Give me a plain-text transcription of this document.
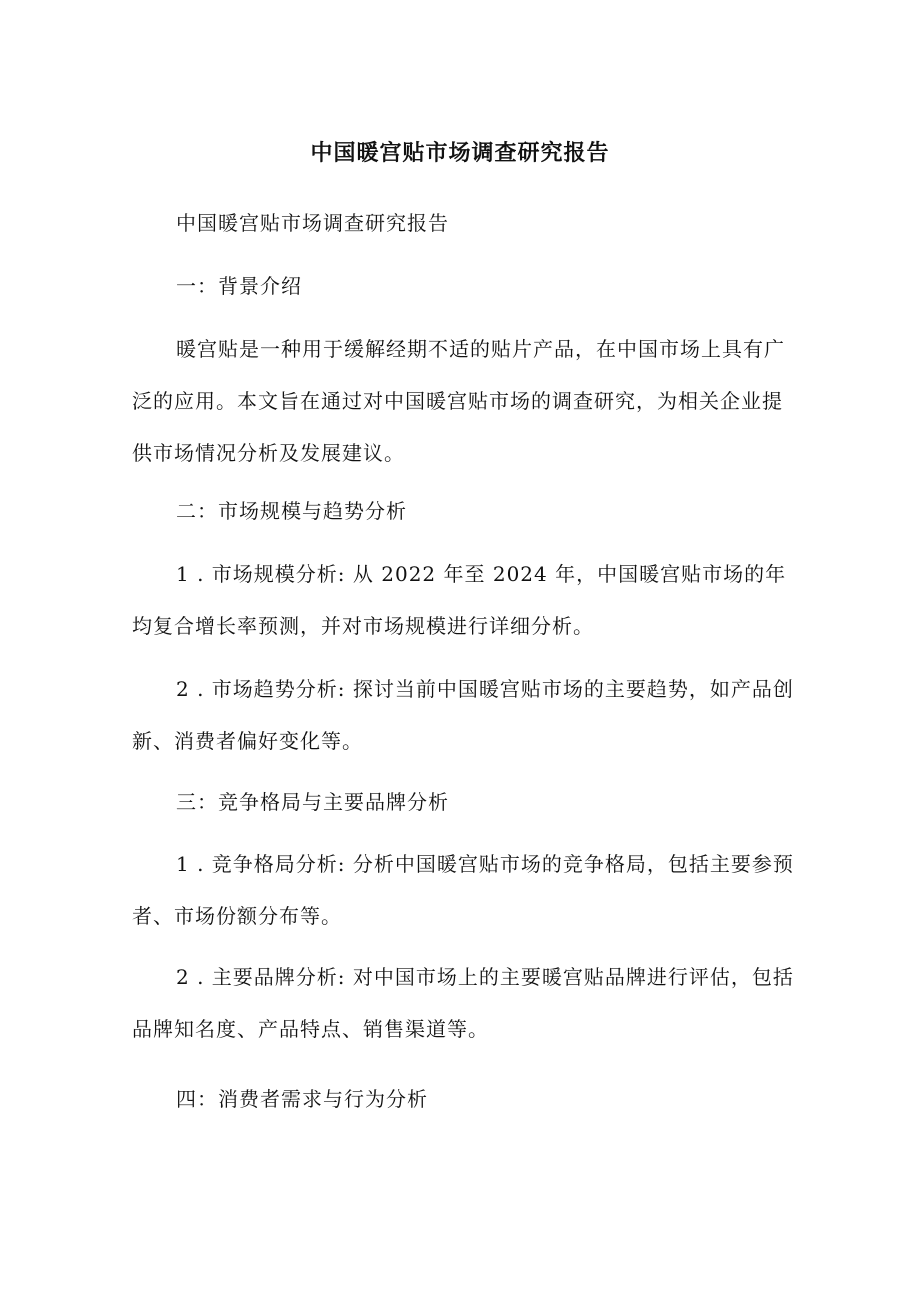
中国暖宫贴市场调查研究报告

中国暖宫贴市场调查研究报告

一：背景介绍

暖宫贴是一种用于缓解经期不适的贴片产品，在中国市场上具有广泛的应用。本文旨在通过对中国暖宫贴市场的调查研究，为相关企业提供市场情况分析及发展建议。

二：市场规模与趋势分析

1 . 市场规模分析: 从 2022 年至 2024 年，中国暖宫贴市场的年均复合增长率预测，并对市场规模进行详细分析。

2 . 市场趋势分析: 探讨当前中国暖宫贴市场的主要趋势，如产品创新、消费者偏好变化等。

三：竞争格局与主要品牌分析

1 . 竞争格局分析: 分析中国暖宫贴市场的竞争格局，包括主要参预者、市场份额分布等。

2 . 主要品牌分析: 对中国市场上的主要暖宫贴品牌进行评估，包括品牌知名度、产品特点、销售渠道等。

四：消费者需求与行为分析
